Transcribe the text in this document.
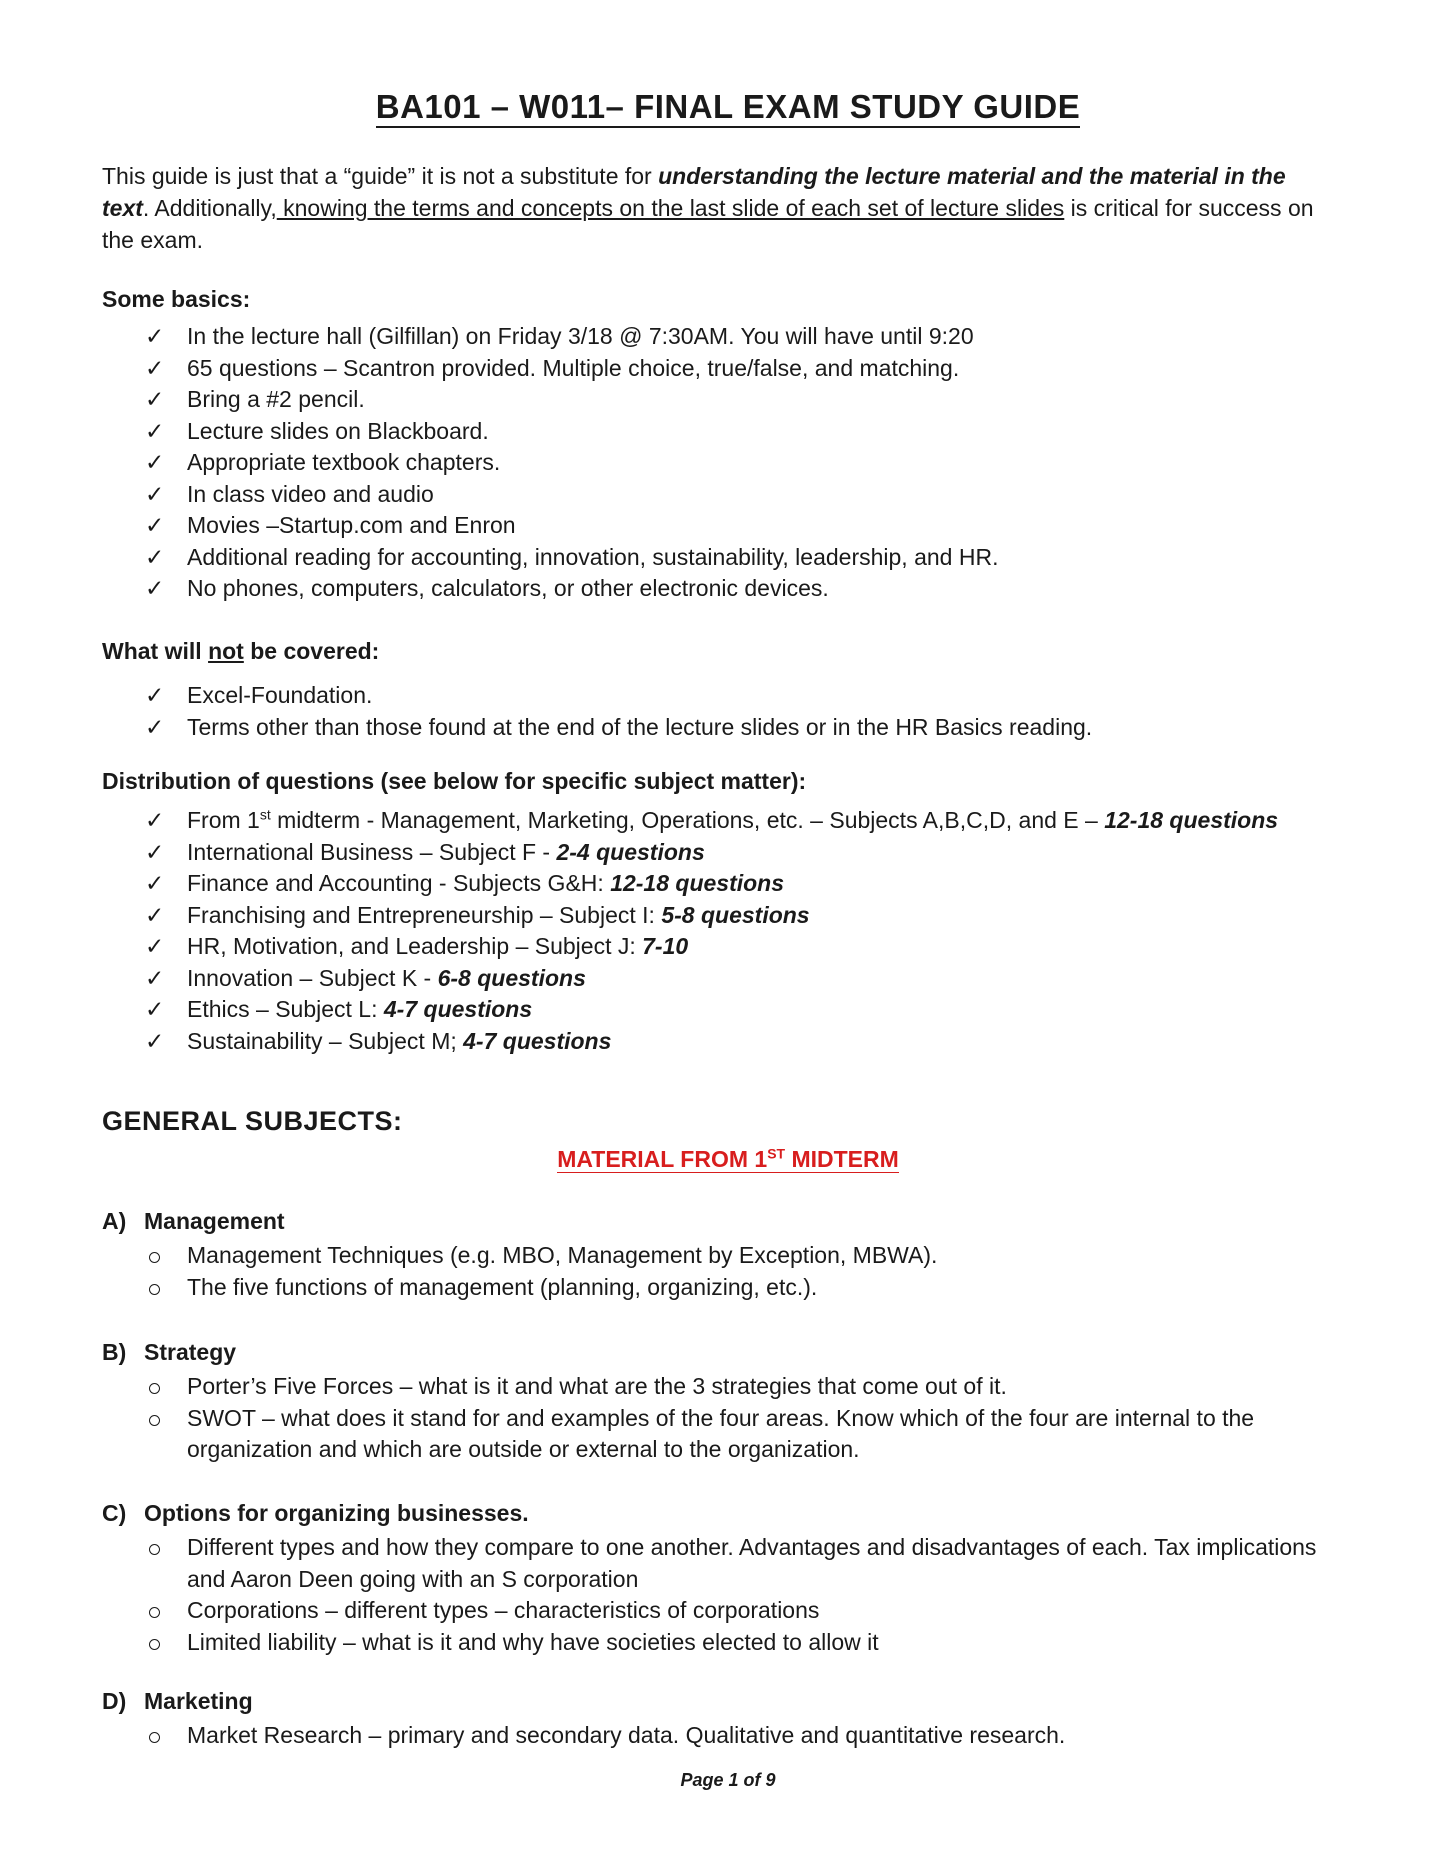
BA101 – W011– FINAL EXAM STUDY GUIDE
This guide is just that a “guide” it is not a substitute for understanding the lecture material and the material in the text. Additionally, knowing the terms and concepts on the last slide of each set of lecture slides is critical for success on the exam.
Some basics:
✓ In the lecture hall (Gilfillan) on Friday 3/18 @ 7:30AM. You will have until 9:20
✓ 65 questions – Scantron provided. Multiple choice, true/false, and matching.
✓ Bring a #2 pencil.
✓ Lecture slides on Blackboard.
✓ Appropriate textbook chapters.
✓ In class video and audio
✓ Movies –Startup.com and Enron
✓ Additional reading for accounting, innovation, sustainability, leadership, and HR.
✓ No phones, computers, calculators, or other electronic devices.
What will not be covered:
✓ Excel-Foundation.
✓ Terms other than those found at the end of the lecture slides or in the HR Basics reading.
Distribution of questions (see below for specific subject matter):
✓ From 1st midterm - Management, Marketing, Operations, etc. – Subjects A,B,C,D, and E – 12-18 questions
✓ International Business – Subject F - 2-4 questions
✓ Finance and Accounting - Subjects G&H: 12-18 questions
✓ Franchising and Entrepreneurship – Subject I: 5-8 questions
✓ HR, Motivation, and Leadership – Subject J: 7-10
✓ Innovation – Subject K - 6-8 questions
✓ Ethics – Subject L: 4-7 questions
✓ Sustainability – Subject M; 4-7 questions
GENERAL SUBJECTS:
MATERIAL FROM 1ST MIDTERM
A) Management
Management Techniques (e.g. MBO, Management by Exception, MBWA).
The five functions of management (planning, organizing, etc.).
B) Strategy
Porter’s Five Forces – what is it and what are the 3 strategies that come out of it.
SWOT – what does it stand for and examples of the four areas. Know which of the four are internal to the organization and which are outside or external to the organization.
C) Options for organizing businesses.
Different types and how they compare to one another. Advantages and disadvantages of each. Tax implications and Aaron Deen going with an S corporation
Corporations – different types – characteristics of corporations
Limited liability – what is it and why have societies elected to allow it
D) Marketing
Market Research – primary and secondary data. Qualitative and quantitative research.
Page 1 of 9
